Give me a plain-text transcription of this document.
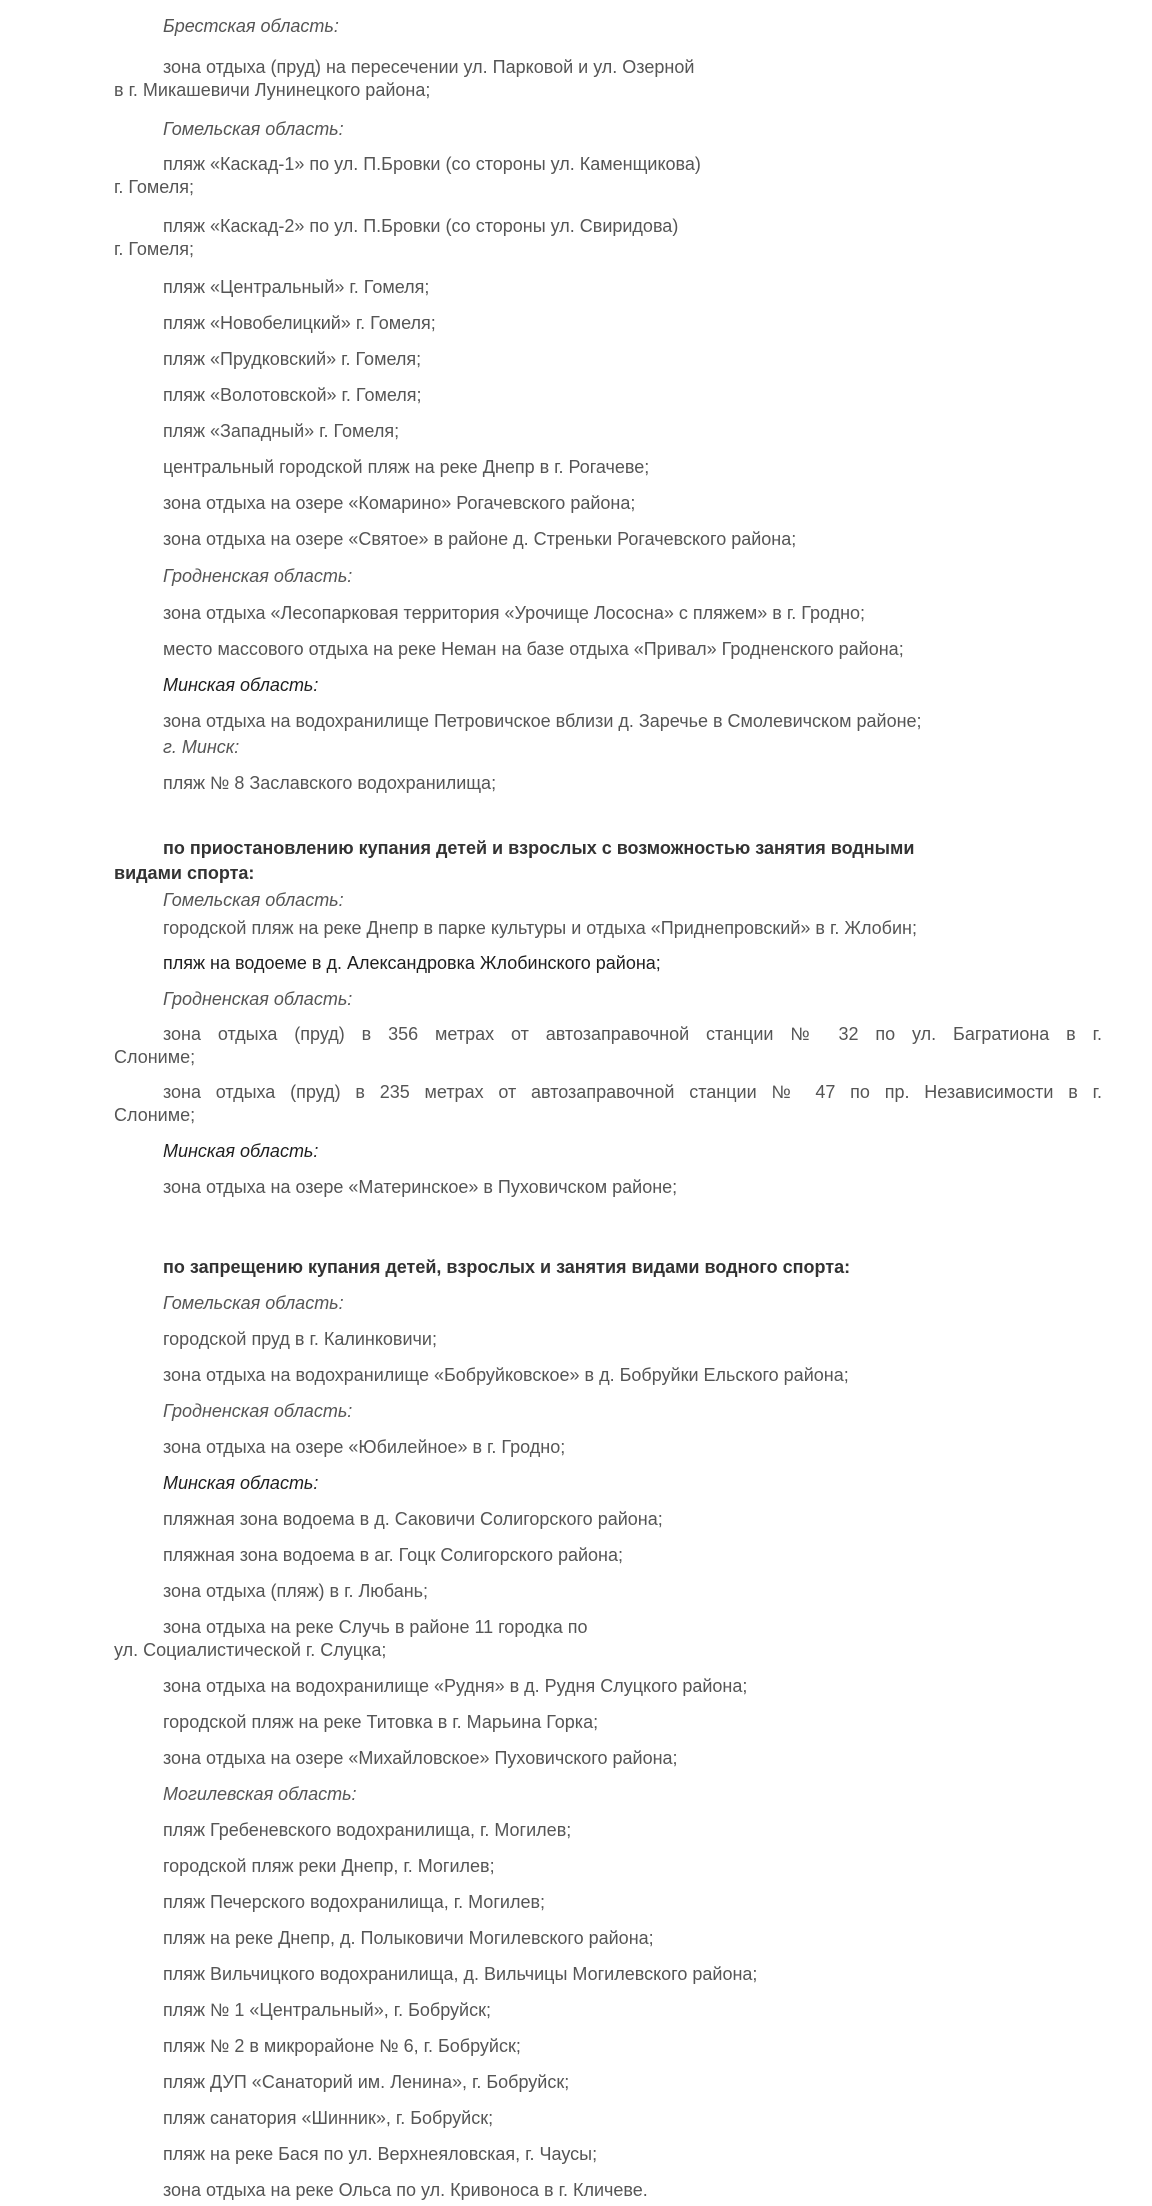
Брестская область:
зона отдыха (пруд) на пересечении ул. Парковой и ул. Озерной
в г. Микашевичи Лунинецкого района;
Гомельская область:
пляж «Каскад-1» по ул. П.Бровки (со стороны ул. Каменщикова)
г. Гомеля;
пляж «Каскад-2» по ул. П.Бровки (со стороны ул. Свиридова)
г. Гомеля;
пляж «Центральный» г. Гомеля;
пляж «Новобелицкий» г. Гомеля;
пляж «Прудковский» г. Гомеля;
пляж «Волотовской» г. Гомеля;
пляж «Западный» г. Гомеля;
центральный городской пляж на реке Днепр в г. Рогачеве;
зона отдыха на озере «Комарино» Рогачевского района;
зона отдыха на озере «Святое» в районе д. Стреньки Рогачевского района;
Гродненская область:
зона отдыха «Лесопарковая территория «Урочище Лососна» с пляжем» в г. Гродно;
место массового отдыха на реке Неман на базе отдыха «Привал» Гродненского района;
Минская область:
зона отдыха на водохранилище Петровичское вблизи д. Заречье в Смолевичском районе;
г. Минск:
пляж № 8 Заславского водохранилища;
по приостановлению купания детей и взрослых с возможностью занятия водными
видами спорта:
Гомельская область:
городской пляж на реке Днепр в парке культуры и отдыха «Приднепровский» в г. Жлобин;
пляж на водоеме в д. Александровка Жлобинского района;
Гродненская область:
зона отдыха (пруд) в 356 метрах от автозаправочной станции № 32 по ул. Багратиона в г.
Слониме;
зона отдыха (пруд) в 235 метрах от автозаправочной станции № 47 по пр. Независимости в г.
Слониме;
Минская область:
зона отдыха на озере «Материнское» в Пуховичском районе;
по запрещению купания детей, взрослых и занятия видами водного спорта:
Гомельская область:
городской пруд в г. Калинковичи;
зона отдыха на водохранилище «Бобруйковское» в д. Бобруйки Ельского района;
Гродненская область:
зона отдыха на озере «Юбилейное» в г. Гродно;
Минская область:
пляжная зона водоема в д. Саковичи Солигорского района;
пляжная зона водоема в аг. Гоцк Солигорского района;
зона отдыха (пляж) в г. Любань;
зона отдыха на реке Случь в районе 11 городка по
ул. Социалистической г. Слуцка;
зона отдыха на водохранилище «Рудня» в д. Рудня Слуцкого района;
городской пляж на реке Титовка в г. Марьина Горка;
зона отдыха на озере «Михайловское» Пуховичского района;
Могилевская область:
пляж Гребеневского водохранилища, г. Могилев;
городской пляж реки Днепр, г. Могилев;
пляж Печерского водохранилища, г. Могилев;
пляж на реке Днепр, д. Полыковичи Могилевского района;
пляж Вильчицкого водохранилища, д. Вильчицы Могилевского района;
пляж № 1 «Центральный», г. Бобруйск;
пляж № 2 в микрорайоне № 6, г. Бобруйск;
пляж ДУП «Санаторий им. Ленина», г. Бобруйск;
пляж санатория «Шинник», г. Бобруйск;
пляж на реке Бася по ул. Верхнеяловская, г. Чаусы;
зона отдыха на реке Ольса по ул. Кривоноса в г. Кличеве.
